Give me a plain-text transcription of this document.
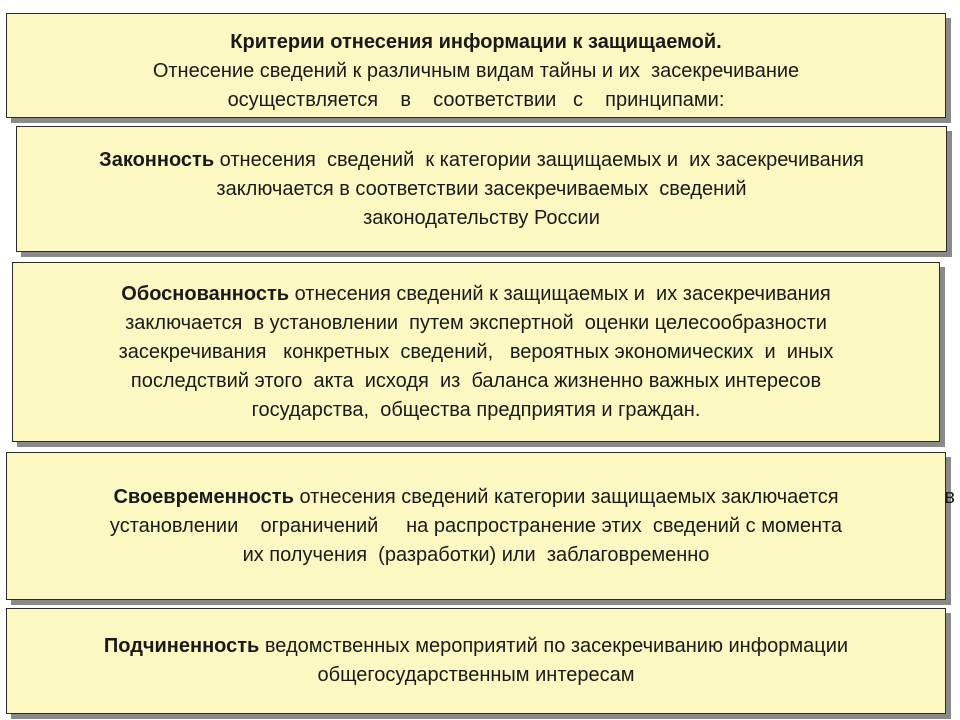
Критерии отнесения информации к защищаемой.
Отнесение сведений к различным видам тайны и их  засекречивание
осуществляется    в    соответствии   с    принципами:
Законность отнесения  сведений  к категории защищаемых и  их засекречивания
заключается в соответствии засекречиваемых  сведений
законодательству России
Обоснованность отнесения сведений к защищаемых и  их засекречивания
заключается  в установлении  путем экспертной  оценки целесообразности
засекречивания   конкретных  сведений,   вероятных экономических  и  иных
последствий этого  акта  исходя  из  баланса жизненно важных интересов
государства,  общества предприятия и граждан.
Своевременность отнесения сведений категории защищаемых заключается	в
установлении    ограничений     на распространение этих  сведений с момента
их получения  (разработки) или  заблаговременно
Подчиненность ведомственных мероприятий по засекречиванию информации
общегосударственным интересам
